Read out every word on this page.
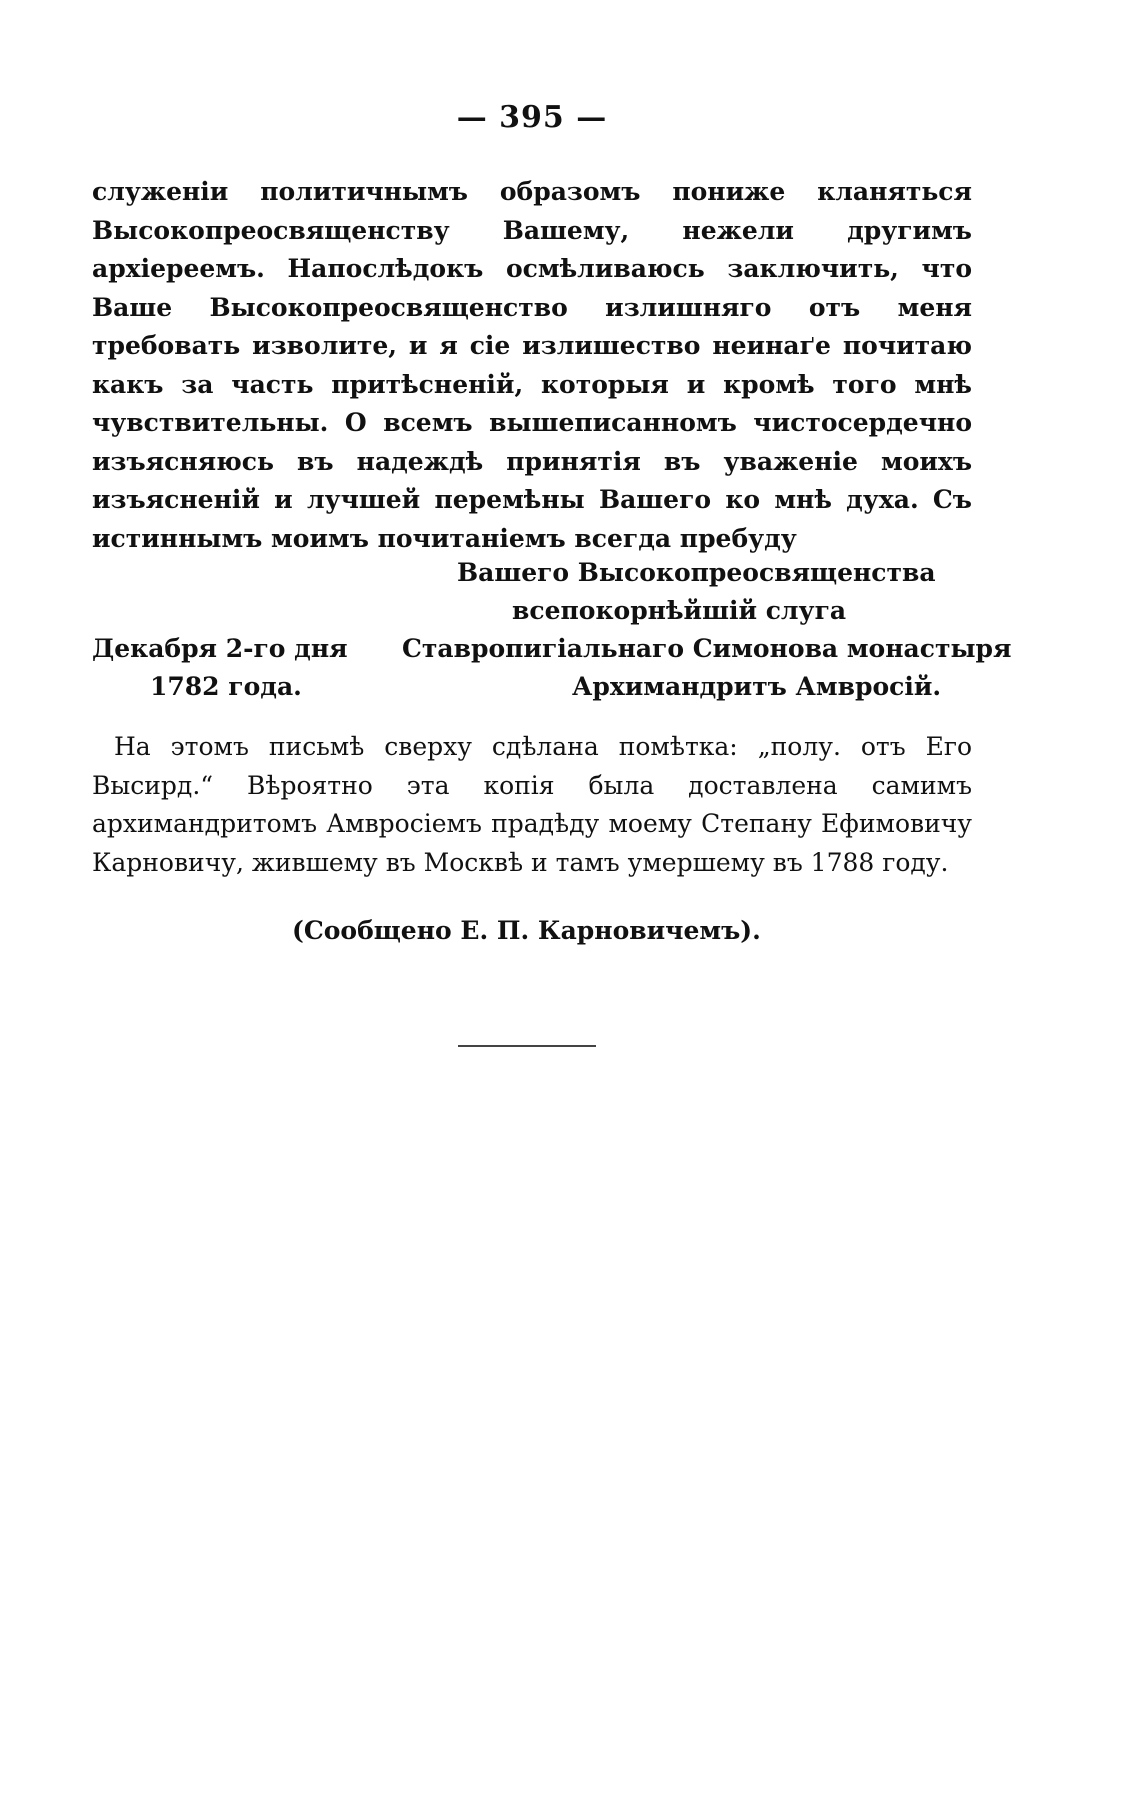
— 395 —

служеніи политичнымъ образомъ пониже кланяться Высокопреосвященству Вашему, нежели другимъ архіереемъ. Напослѣдокъ осмѣливаюсь заключить, что Ваше Высокопреосвященство излишняго отъ меня требовать изволите, и я сіе излишество неинаґе почитаю какъ за часть притѣсненій, которыя и кромѣ того мнѣ чувствительны. О всемъ вышеписанномъ чистосердечно изъясняюсь въ надеждѣ принятія въ уваженіе моихъ изъясненій и лучшей перемѣны Вашего ко мнѣ духа. Съ истиннымъ моимъ почитаніемъ всегда пребуду

Вашего Высокопреосвященства
всепокорнѣйшій слуга
Декабря 2-го дня Ставропигіальнаго Симонова монастыря
1782 года.	Архимандритъ Амвросій.

На этомъ письмѣ сверху сдѣлана помѣтка: „полу. отъ Его Высирд.“ Вѣроятно эта копія была доставлена самимъ архимандритомъ Амвросіемъ прадѣду моему Степану Ефимовичу Карновичу, жившему въ Москвѣ и тамъ умершему въ 1788 году.

(Сообщено Е. П. Карновичемъ).
